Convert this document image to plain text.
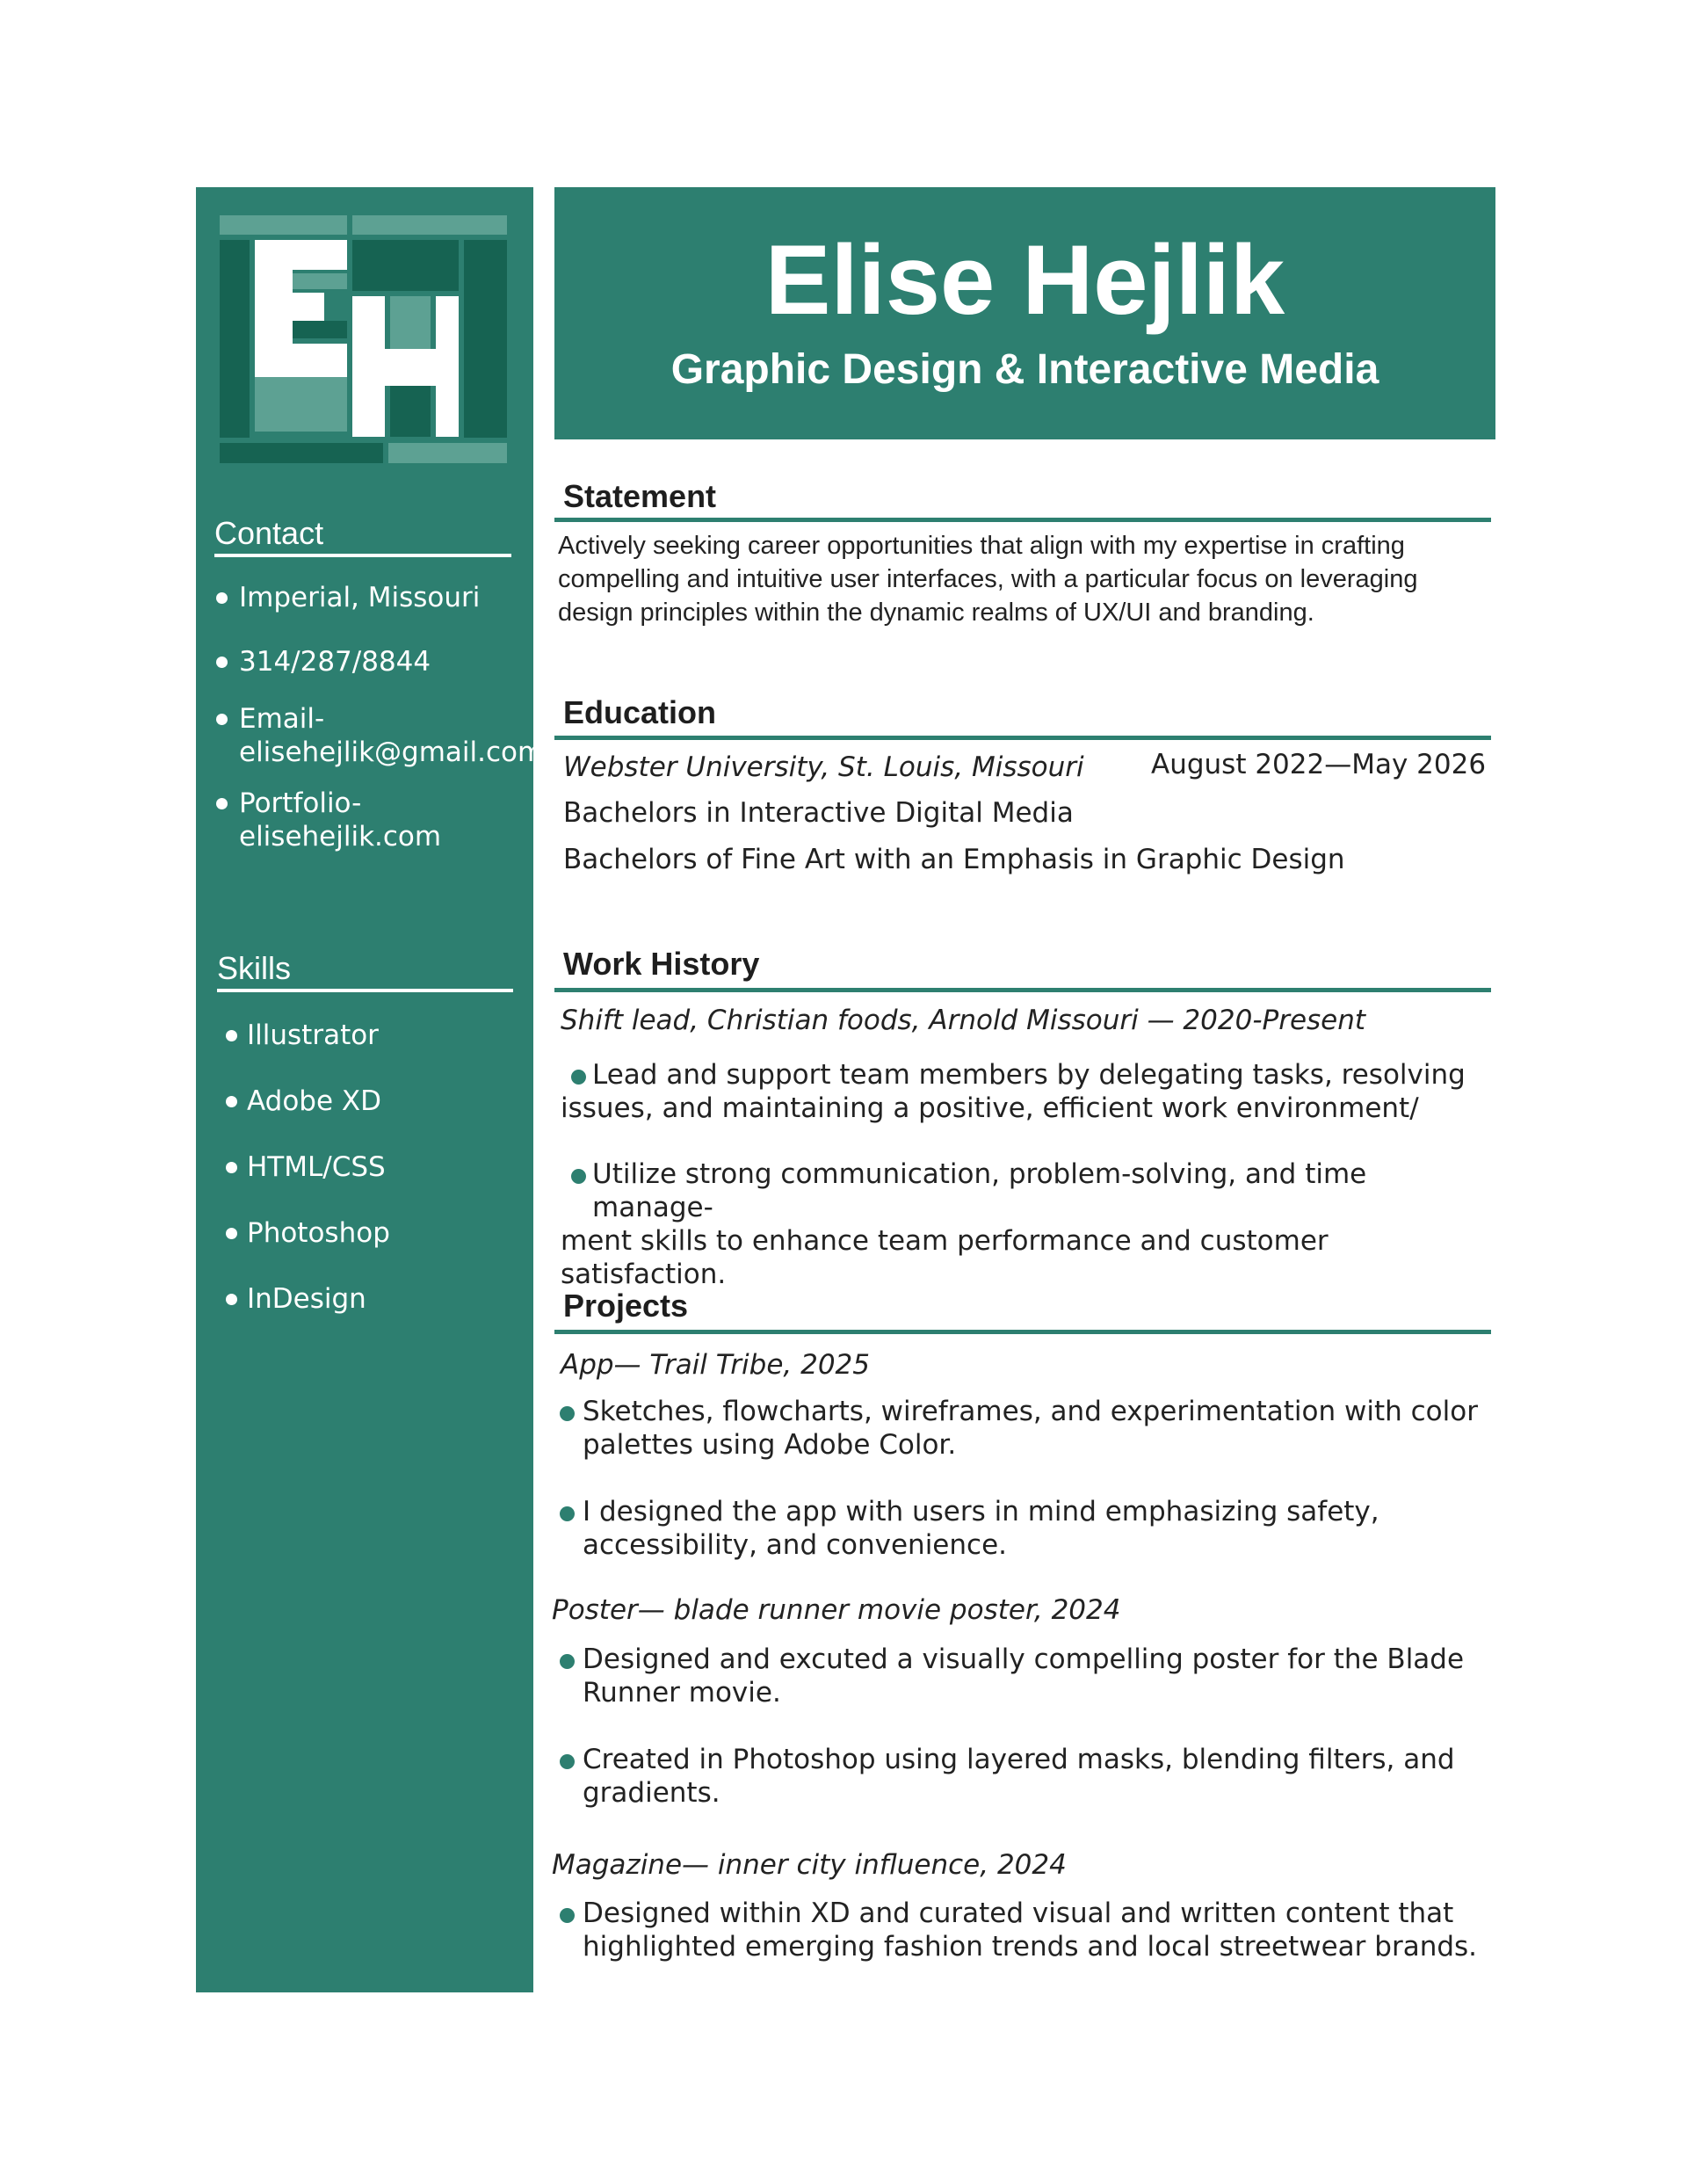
Contact
Imperial, Missouri
314/287/8844
Email-
elisehejlik@gmail.com
Portfolio-
elisehejlik.com
Skills
Illustrator
Adobe XD
HTML/CSS
Photoshop
InDesign
Elise Hejlik

Graphic Design & Interactive Media

Statement
Actively seeking career opportunities that align with my expertise in crafting
compelling and intuitive user interfaces, with a particular focus on leveraging
design principles within the dynamic realms of UX/UI and branding.
Education

Webster University, St. Louis, Missouri August 2022—May 2026

Bachelors in Interactive Digital Media

Bachelors of Fine Art with an Emphasis in Graphic Design

Work History

Shift lead, Christian foods, Arnold Missouri — 2020-Present

Lead and support team members by delegating tasks, resolving
issues, and maintaining a positive, efficient work environment/
Utilize strong communication, problem-solving, and time manage-
ment skills to enhance team performance and customer satisfaction.
Projects

App— Trail Tribe, 2025

Sketches, flowcharts, wireframes, and experimentation with color
palettes using Adobe Color.
I designed the app with users in mind emphasizing safety,
accessibility, and convenience.

Poster— blade runner movie poster, 2024

Designed and excuted a visually compelling poster for the Blade
Runner movie.
Created in Photoshop using layered masks, blending filters, and
gradients.

Magazine— inner city influence, 2024

Designed within XD and curated visual and written content that
highlighted emerging fashion trends and local streetwear brands.
